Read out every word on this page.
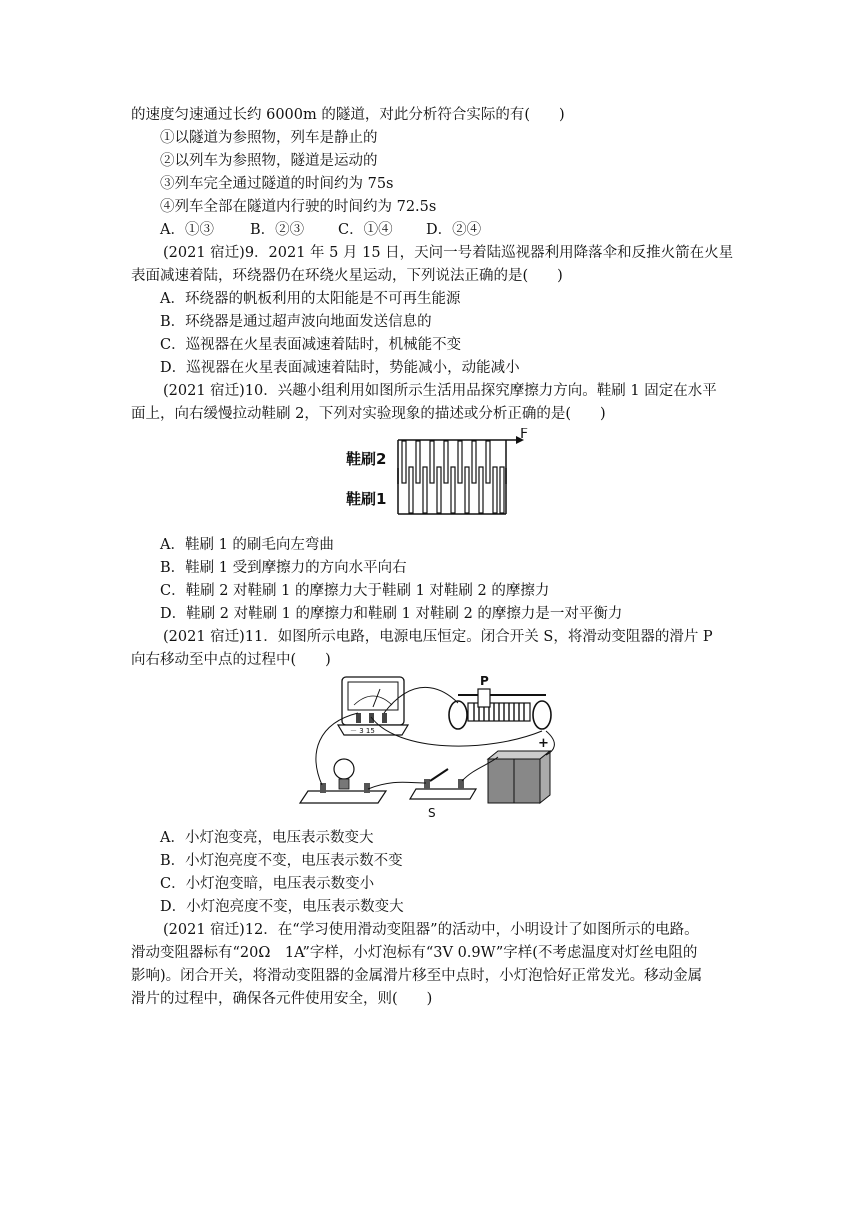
的速度匀速通过长约 6000m 的隧道，对此分析符合实际的有(　　)
①以隧道为参照物，列车是静止的
②以列车为参照物，隧道是运动的
③列车完全通过隧道的时间约为 75s
④列车全部在隧道内行驶的时间约为 72.5s
A．①③ B．②③ C．①④ D．②④
(2021 宿迁)9．2021 年 5 月 15 日，天问一号着陆巡视器利用降落伞和反推火箭在火星
表面减速着陆，环绕器仍在环绕火星运动，下列说法正确的是(　　)
A．环绕器的帆板利用的太阳能是不可再生能源
B．环绕器是通过超声波向地面发送信息的
C．巡视器在火星表面减速着陆时，机械能不变
D．巡视器在火星表面减速着陆时，势能减小，动能减小
(2021 宿迁)10．兴趣小组利用如图所示生活用品探究摩擦力方向。鞋刷 1 固定在水平
面上，向右缓慢拉动鞋刷 2，下列对实验现象的描述或分析正确的是(　　)
鞋刷2
鞋刷1
F
A．鞋刷 1 的刷毛向左弯曲
B．鞋刷 1 受到摩擦力的方向水平向右
C．鞋刷 2 对鞋刷 1 的摩擦力大于鞋刷 1 对鞋刷 2 的摩擦力
D．鞋刷 2 对鞋刷 1 的摩擦力和鞋刷 1 对鞋刷 2 的摩擦力是一对平衡力
(2021 宿迁)11．如图所示电路，电源电压恒定。闭合开关 S，将滑动变阻器的滑片 P
向右移动至中点的过程中(　　)
－ 3 15
P
+
S
A．小灯泡变亮，电压表示数变大
B．小灯泡亮度不变，电压表示数不变
C．小灯泡变暗，电压表示数变小
D．小灯泡亮度不变，电压表示数变大
(2021 宿迁)12．在“学习使用滑动变阻器”的活动中，小明设计了如图所示的电路。
滑动变阻器标有“20Ω　1A”字样，小灯泡标有“3V 0.9W”字样(不考虑温度对灯丝电阻的
影响)。闭合开关，将滑动变阻器的金属滑片移至中点时，小灯泡恰好正常发光。移动金属
滑片的过程中，确保各元件使用安全，则(　　)
